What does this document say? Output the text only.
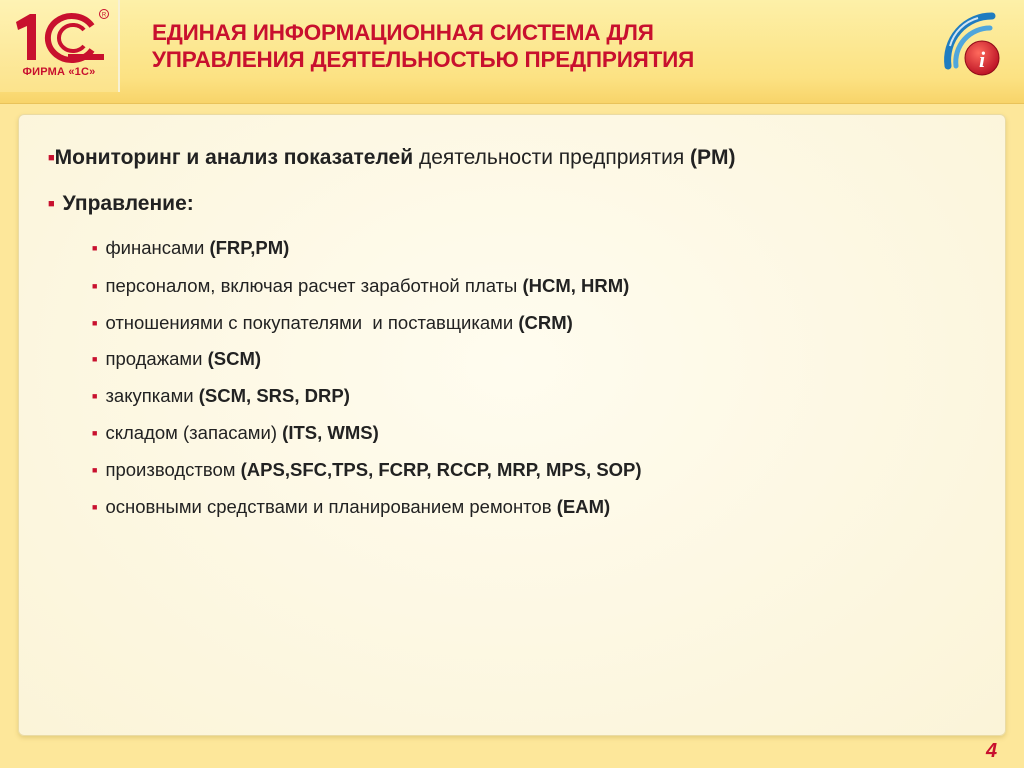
R
ФИРМА «1С»
ЕДИНАЯ ИНФОРМАЦИОННАЯ СИСТЕМА ДЛЯ
УПРАВЛЕНИЯ ДЕЯТЕЛЬНОСТЬЮ ПРЕДПРИЯТИЯ	i
■Мониторинг и анализ показателей деятельности предприятия (PM)
■ Управление:
■ финансами (FRP,PM)
■ персоналом, включая расчет заработной платы (HCM, HRM)
■ отношениями с покупателями  и поставщиками (CRM)
■ продажами (SCM)
■ закупками (SCM, SRS, DRP)
■ складом (запасами) (ITS, WMS)
■ производством (APS,SFC,TPS, FCRP, RCCP, MRP, MPS, SOP)
■ основными средствами и планированием ремонтов (EAM)
4
